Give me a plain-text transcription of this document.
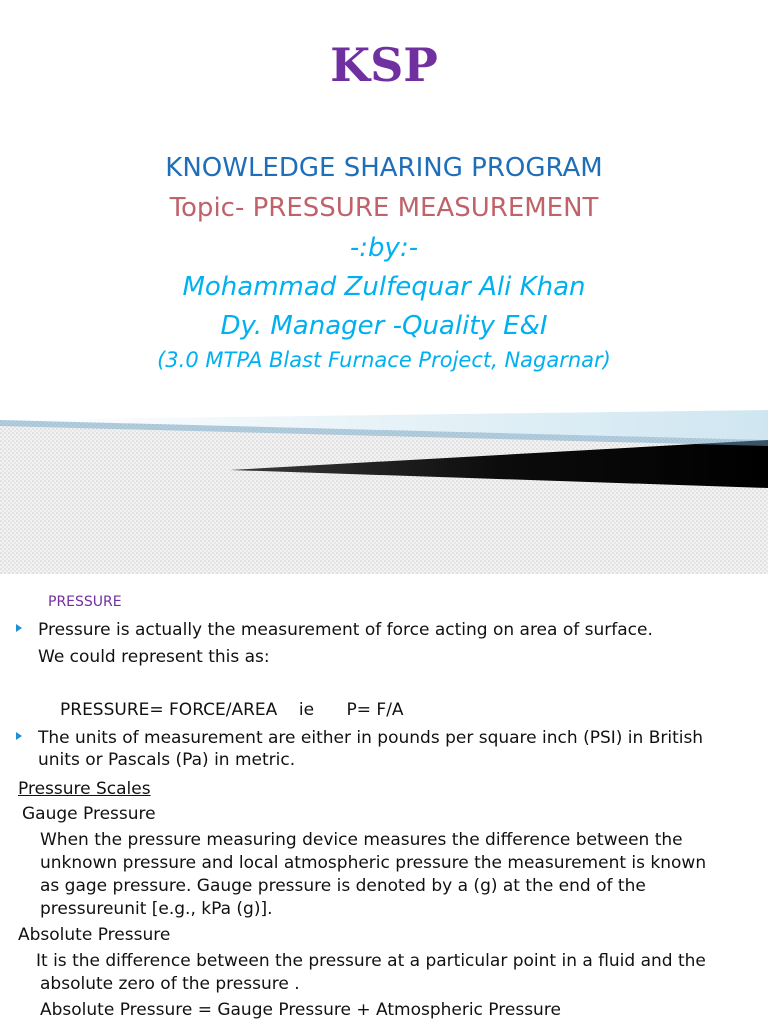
KSP
KNOWLEDGE SHARING PROGRAM
Topic- PRESSURE MEASUREMENT
-:by:-
Mohammad Zulfequar Ali Khan
Dy. Manager -Quality E&I
(3.0 MTPA Blast Furnace Project, Nagarnar)
PRESSURE
Pressure is actually the measurement of force acting on area of surface.
We could represent this as:
PRESSURE= FORCE/AREA    ie      P= F/A
The units of measurement are either in pounds per square inch (PSI) in British
units or Pascals (Pa) in metric.
Pressure Scales
Gauge Pressure
When the pressure measuring device measures the difference between the
unknown pressure and local atmospheric pressure the measurement is known
as gage pressure. Gauge pressure is denoted by a (g) at the end of the
pressureunit [e.g., kPa (g)].
Absolute Pressure
It is the difference between the pressure at a particular point in a fluid and the
absolute zero of the pressure .
Absolute Pressure = Gauge Pressure + Atmospheric Pressure
